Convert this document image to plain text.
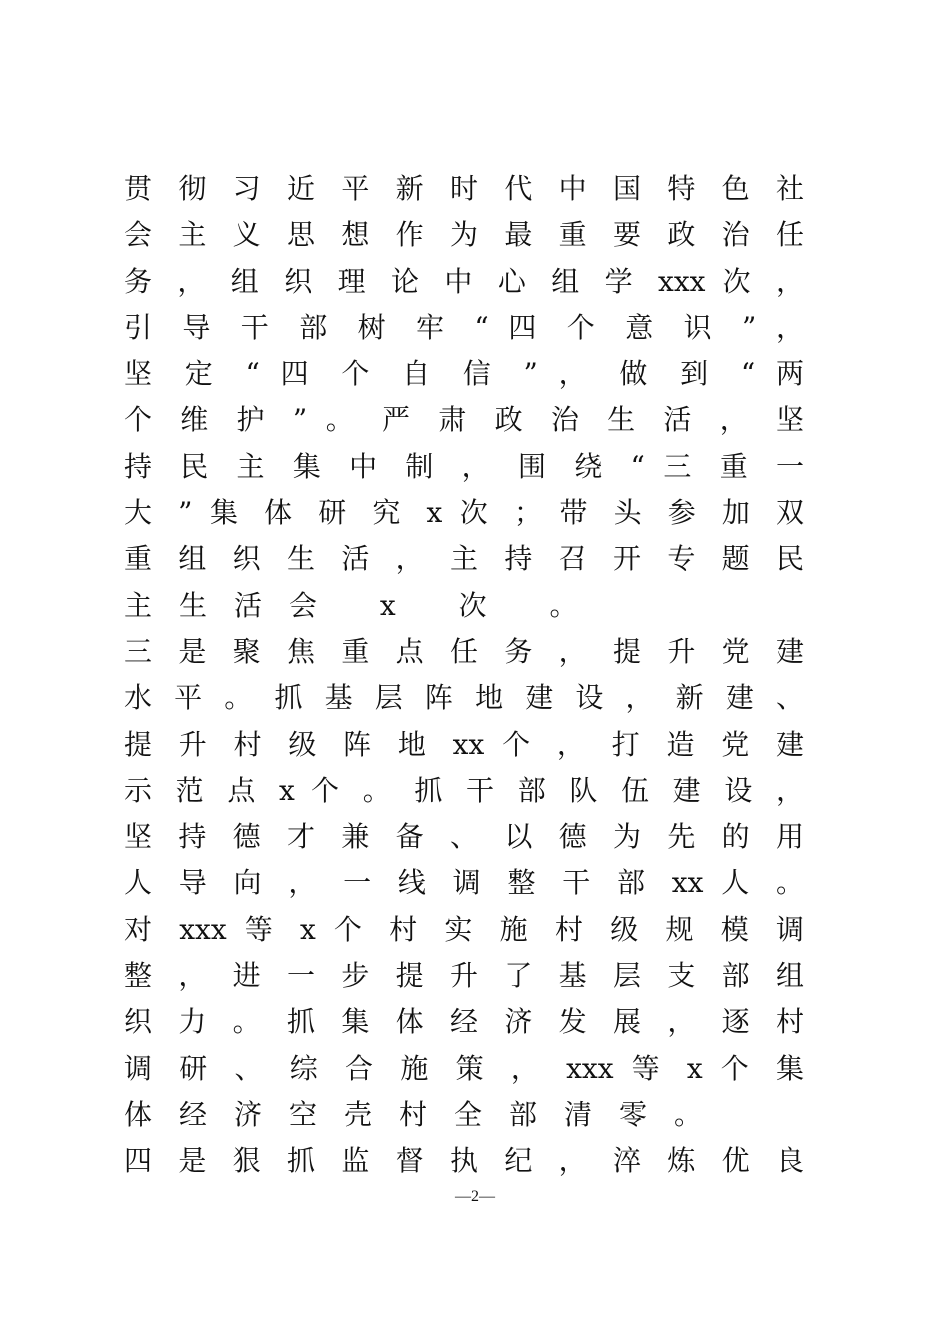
贯 彻 习 近 平 新 时 代 中 国 特 色 社
会 主 义 思 想 作 为 最 重 要 政 治 任
务 ， 组 织 理 论 中 心 组 学 xxx 次 ，
引 导 干 部 树 牢 “ 四 个 意 识 ” ，
坚 定 “ 四 个 自 信 ” ， 做 到 “ 两
个 维 护 ” 。 严 肃 政 治 生 活 ， 坚
持 民 主 集 中 制 ， 围 绕 “ 三 重 一
大 ” 集 体 研 究 x 次 ； 带 头 参 加 双
重 组 织 生 活 ， 主 持 召 开 专 题 民
主生活会 x 次 。
三 是 聚 焦 重 点 任 务 ， 提 升 党 建
水 平 。 抓 基 层 阵 地 建 设 ， 新 建 、
提 升 村 级 阵 地 xx 个 ， 打 造 党 建
示 范 点 x 个 。 抓 干 部 队 伍 建 设 ，
坚 持 德 才 兼 备 、 以 德 为 先 的 用
人 导 向 ， 一 线 调 整 干 部 xx 人 。
对 xxx 等 x 个 村 实 施 村 级 规 模 调
整 ， 进 一 步 提 升 了 基 层 支 部 组
织 力 。 抓 集 体 经 济 发 展 ， 逐 村
调 研 、 综 合 施 策 ， xxx 等 x 个 集
体经济空壳村全部清零。
四 是 狠 抓 监 督 执 纪 ， 淬 炼 优 良
—2—
